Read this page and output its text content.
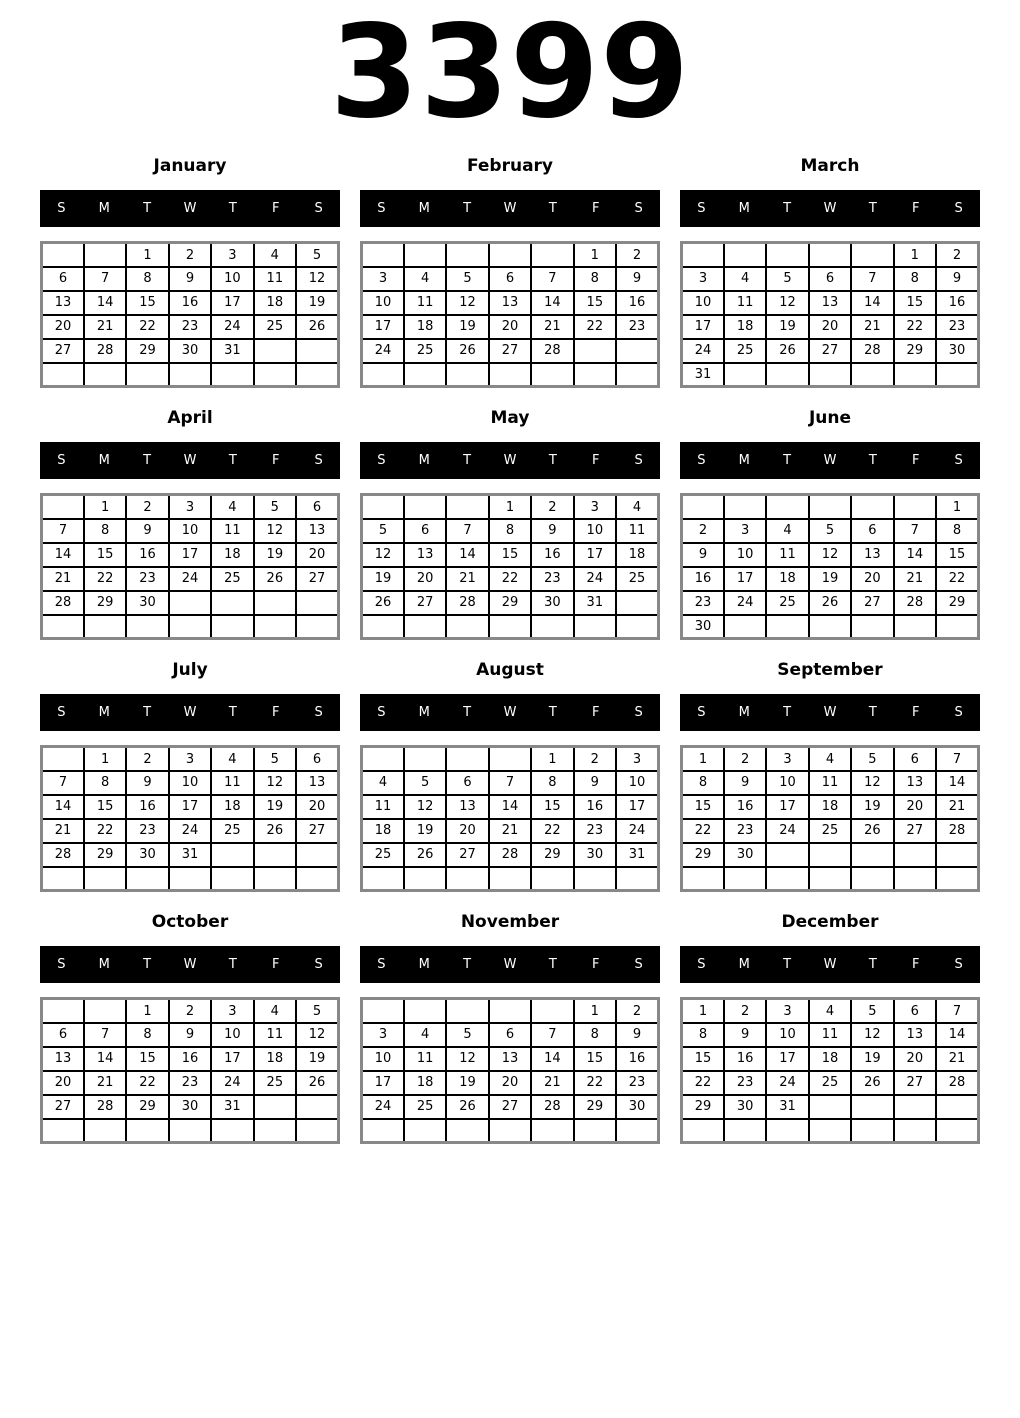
3399
January
S	M	T	W	T	F	S
		1	2	3	4	5
6	7	8	9	10	11	12
13	14	15	16	17	18	19
20	21	22	23	24	25	26
27	28	29	30	31		

February
S	M	T	W	T	F	S
					1	2
3	4	5	6	7	8	9
10	11	12	13	14	15	16
17	18	19	20	21	22	23
24	25	26	27	28		

March
S	M	T	W	T	F	S
					1	2
3	4	5	6	7	8	9
10	11	12	13	14	15	16
17	18	19	20	21	22	23
24	25	26	27	28	29	30
31						
April
S	M	T	W	T	F	S
	1	2	3	4	5	6
7	8	9	10	11	12	13
14	15	16	17	18	19	20
21	22	23	24	25	26	27
28	29	30				

May
S	M	T	W	T	F	S
			1	2	3	4
5	6	7	8	9	10	11
12	13	14	15	16	17	18
19	20	21	22	23	24	25
26	27	28	29	30	31	

June
S	M	T	W	T	F	S
						1
2	3	4	5	6	7	8
9	10	11	12	13	14	15
16	17	18	19	20	21	22
23	24	25	26	27	28	29
30						
July
S	M	T	W	T	F	S
	1	2	3	4	5	6
7	8	9	10	11	12	13
14	15	16	17	18	19	20
21	22	23	24	25	26	27
28	29	30	31			

August
S	M	T	W	T	F	S
				1	2	3
4	5	6	7	8	9	10
11	12	13	14	15	16	17
18	19	20	21	22	23	24
25	26	27	28	29	30	31

September
S	M	T	W	T	F	S
1	2	3	4	5	6	7
8	9	10	11	12	13	14
15	16	17	18	19	20	21
22	23	24	25	26	27	28
29	30					

October
S	M	T	W	T	F	S
		1	2	3	4	5
6	7	8	9	10	11	12
13	14	15	16	17	18	19
20	21	22	23	24	25	26
27	28	29	30	31		

November
S	M	T	W	T	F	S
					1	2
3	4	5	6	7	8	9
10	11	12	13	14	15	16
17	18	19	20	21	22	23
24	25	26	27	28	29	30

December
S	M	T	W	T	F	S
1	2	3	4	5	6	7
8	9	10	11	12	13	14
15	16	17	18	19	20	21
22	23	24	25	26	27	28
29	30	31				
